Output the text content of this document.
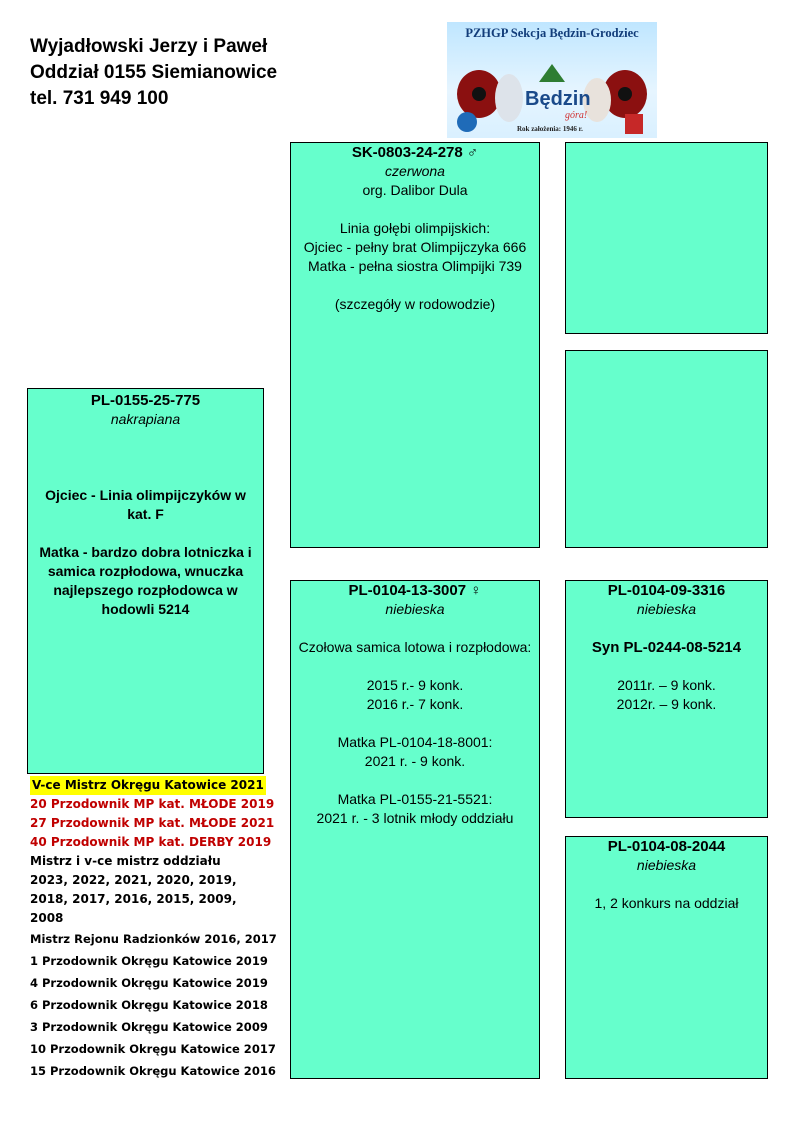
Wyjadłowski Jerzy i Paweł
Oddział 0155 Siemianowice
tel. 731 949 100
PZHGP Sekcja Będzin-Grodziec
Będzin
góra!
Rok założenia: 1946 r.
PL-0155-25-775
nakrapiana
Ojciec - Linia olimpijczyków w kat. F
Matka - bardzo dobra lotniczka i samica rozpłodowa, wnuczka najlepszego rozpłodowca w hodowli 5214
SK-0803-24-278 ♂
czerwona
org. Dalibor Dula
Linia gołębi olimpijskich:
Ojciec - pełny brat Olimpijczyka 666
Matka - pełna siostra Olimpijki 739
(szczegóły w rodowodzie)
PL-0104-13-3007 ♀
niebieska
Czołowa samica lotowa i rozpłodowa:
2015 r.- 9 konk.
2016 r.- 7 konk.
Matka PL-0104-18-8001:
2021 r. - 9 konk.
Matka PL-0155-21-5521:
2021 r. - 3 lotnik młody oddziału
PL-0104-09-3316
niebieska
Syn PL-0244-08-5214
2011r. – 9 konk.
2012r. – 9 konk.
PL-0104-08-2044
niebieska
1, 2 konkurs na oddział
V-ce Mistrz Okręgu Katowice 2021
20 Przodownik MP kat. MŁODE 2019
27 Przodownik MP kat. MŁODE 2021
40 Przodownik MP kat. DERBY 2019
Mistrz i v-ce mistrz oddziału
2023, 2022, 2021, 2020, 2019,
2018, 2017, 2016, 2015, 2009,
2008
Mistrz Rejonu Radzionków 2016, 2017
1 Przodownik Okręgu Katowice 2019
4 Przodownik Okręgu Katowice 2019
6 Przodownik Okręgu Katowice 2018
3 Przodownik Okręgu Katowice 2009
10 Przodownik Okręgu Katowice 2017
15 Przodownik Okręgu Katowice 2016
